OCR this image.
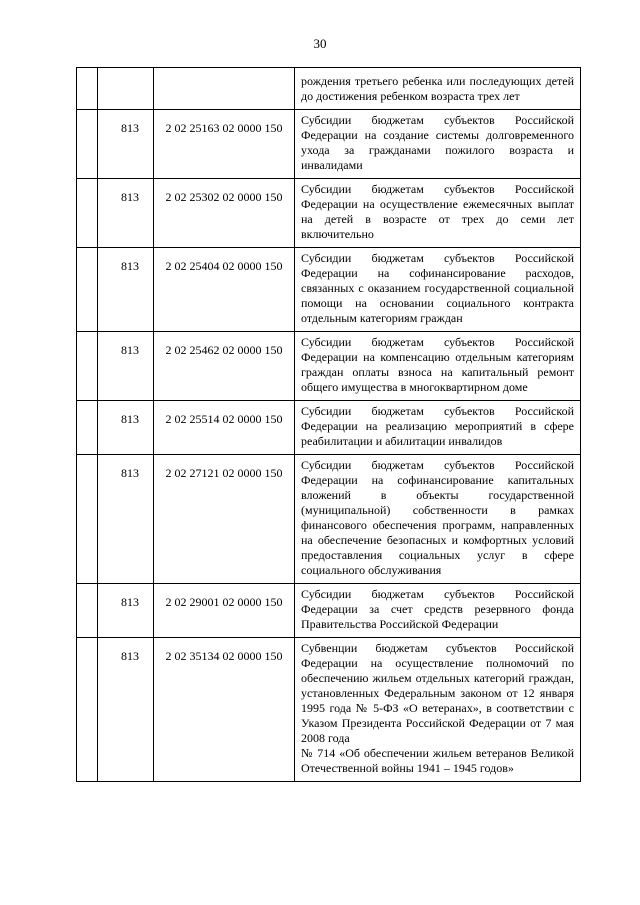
30

			рождения третьего ребенка или последующих детей до достижения ребенком возраста трех лет

	813	2 02 25163 02 0000 150	Субсидии бюджетам субъектов Российской Федерации на создание системы долговременного ухода за гражданами пожилого возраста и инвалидами

	813	2 02 25302 02 0000 150	Субсидии бюджетам субъектов Российской Федерации на осуществление ежемесячных выплат на детей в возрасте от трех до семи лет включительно

	813	2 02 25404 02 0000 150	Субсидии бюджетам субъектов Российской Федерации на софинансирование расходов, связанных с оказанием государственной социальной помощи на основании социального контракта отдельным категориям граждан

	813	2 02 25462 02 0000 150	Субсидии бюджетам субъектов Российской Федерации на компенсацию отдельным категориям граждан оплаты взноса на капитальный ремонт общего имущества в многоквартирном доме

	813	2 02 25514 02 0000 150	Субсидии бюджетам субъектов Российской Федерации на реализацию мероприятий в сфере реабилитации и абилитации инвалидов

	813	2 02 27121 02 0000 150	Субсидии бюджетам субъектов Российской Федерации на софинансирование капитальных вложений в объекты государственной (муниципальной) собственности в рамках финансового обеспечения программ, направленных на обеспечение безопасных и комфортных условий предоставления социальных услуг в сфере социального обслуживания

	813	2 02 29001 02 0000 150	Субсидии бюджетам субъектов Российской Федерации за счет средств резервного фонда Правительства Российской Федерации

	813	2 02 35134 02 0000 150	Субвенции бюджетам субъектов Российской Федерации на осуществление полномочий по обеспечению жильем отдельных категорий граждан, установленных Федеральным законом от 12 января 1995 года № 5-ФЗ «О ветеранах», в соответствии с Указом Президента Российской Федерации от 7 мая 2008 года
№ 714 «Об обеспечении жильем ветеранов Великой Отечественной войны 1941 – 1945 годов»
